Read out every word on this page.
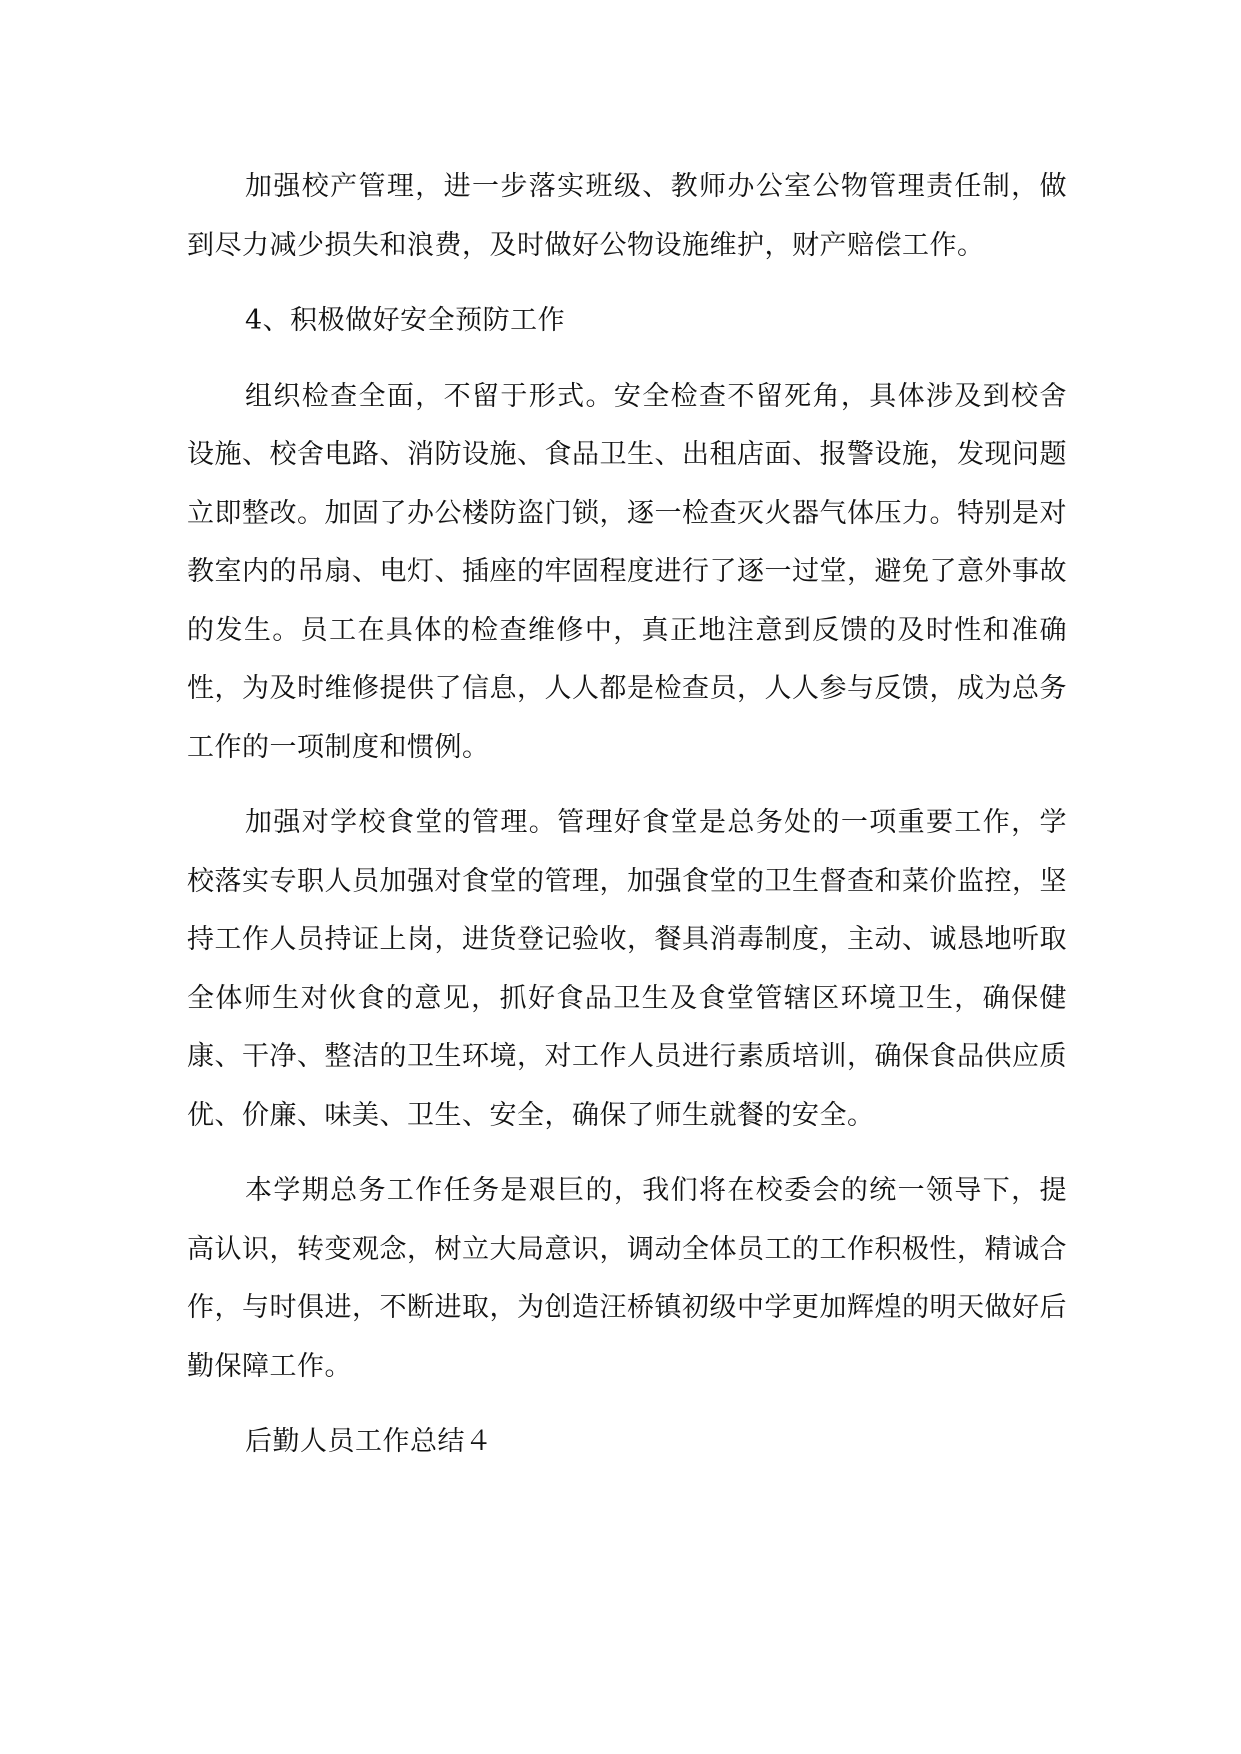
加强校产管理，进一步落实班级、教师办公室公物管理责任制，做到尽力减少损失和浪费，及时做好公物设施维护，财产赔偿工作。

4、积极做好安全预防工作

组织检查全面，不留于形式。安全检查不留死角，具体涉及到校舍设施、校舍电路、消防设施、食品卫生、出租店面、报警设施，发现问题立即整改。加固了办公楼防盗门锁，逐一检查灭火器气体压力。特别是对教室内的吊扇、电灯、插座的牢固程度进行了逐一过堂，避免了意外事故的发生。员工在具体的检查维修中，真正地注意到反馈的及时性和准确性，为及时维修提供了信息，人人都是检查员，人人参与反馈，成为总务工作的一项制度和惯例。

加强对学校食堂的管理。管理好食堂是总务处的一项重要工作，学校落实专职人员加强对食堂的管理，加强食堂的卫生督查和菜价监控，坚持工作人员持证上岗，进货登记验收，餐具消毒制度，主动、诚恳地听取全体师生对伙食的意见，抓好食品卫生及食堂管辖区环境卫生，确保健康、干净、整洁的卫生环境，对工作人员进行素质培训，确保食品供应质优、价廉、味美、卫生、安全，确保了师生就餐的安全。

本学期总务工作任务是艰巨的，我们将在校委会的统一领导下，提高认识，转变观念，树立大局意识，调动全体员工的工作积极性，精诚合作，与时俱进，不断进取，为创造汪桥镇初级中学更加辉煌的明天做好后勤保障工作。

后勤人员工作总结４
